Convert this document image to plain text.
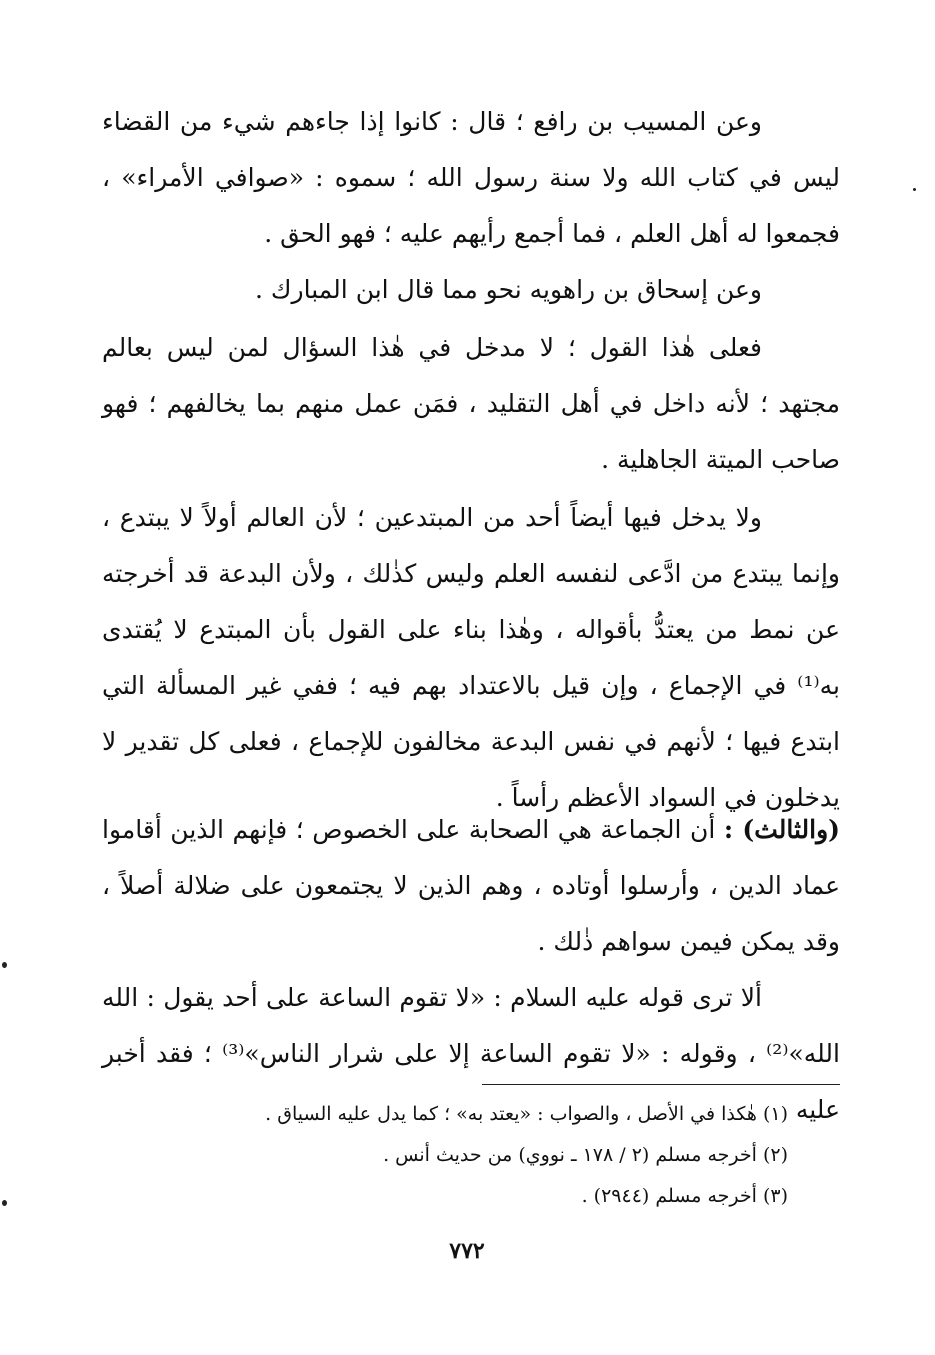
وعن المسيب بن رافع ؛ قال : كانوا إذا جاءهم شيء من القضاء ليس في كتاب الله ولا سنة رسول الله ؛ سموه : «صوافي الأمراء» ، فجمعوا له أهل العلم ، فما أجمع رأيهم عليه ؛ فهو الحق .

وعن إسحاق بن راهويه نحو مما قال ابن المبارك .

فعلى هٰذا القول ؛ لا مدخل في هٰذا السؤال لمن ليس بعالم مجتهد ؛ لأنه داخل في أهل التقليد ، فمَن عمل منهم بما يخالفهم ؛ فهو صاحب الميتة الجاهلية .

ولا يدخل فيها أيضاً أحد من المبتدعين ؛ لأن العالم أولاً لا يبتدع ، وإنما يبتدع من ادَّعى لنفسه العلم وليس كذٰلك ، ولأن البدعة قد أخرجته عن نمط من يعتدُّ بأقواله ، وهٰذا بناء على القول بأن المبتدع لا يُقتدى به⁽¹⁾ في الإجماع ، وإن قيل بالاعتداد بهم فيه ؛ ففي غير المسألة التي ابتدع فيها ؛ لأنهم في نفس البدعة مخالفون للإجماع ، فعلى كل تقدير لا يدخلون في السواد الأعظم رأساً .

(والثالث) : أن الجماعة هي الصحابة على الخصوص ؛ فإنهم الذين أقاموا عماد الدين ، وأرسلوا أوتاده ، وهم الذين لا يجتمعون على ضلالة أصلاً ، وقد يمكن فيمن سواهم ذٰلك .

ألا ترى قوله عليه السلام : «لا تقوم الساعة على أحد يقول : الله الله»⁽²⁾ ، وقوله : «لا تقوم الساعة إلا على شرار الناس»⁽³⁾ ؛ فقد أخبر عليه

(١) هٰكذا في الأصل ، والصواب : «يعتد به» ؛ كما يدل عليه السياق .
(٢) أخرجه مسلم (٢ / ١٧٨ ـ نووي) من حديث أنس .
(٣) أخرجه مسلم (٢٩٤٤) .
٧٧٢
